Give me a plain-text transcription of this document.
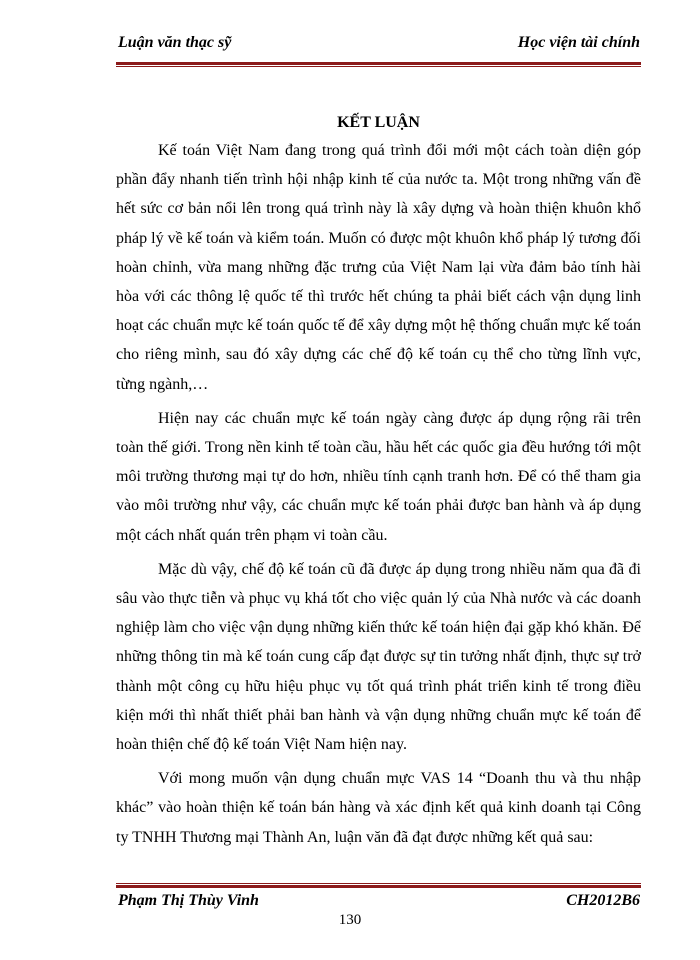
Luận văn thạc sỹ	Học viện tài chính
KẾT LUẬN

Kế toán Việt Nam đang trong quá trình đổi mới một cách toàn diện góp phần đẩy nhanh tiến trình hội nhập kinh tế của nước ta. Một trong những vấn đề hết sức cơ bản nổi lên trong quá trình này là xây dựng và hoàn thiện khuôn khổ pháp lý về kế toán và kiểm toán. Muốn có được một khuôn khổ pháp lý tương đối hoàn chỉnh, vừa mang những đặc trưng của Việt Nam lại vừa đảm bảo tính hài hòa với các thông lệ quốc tế thì trước hết chúng ta phải biết cách vận dụng linh hoạt các chuẩn mực kế toán quốc tế để xây dựng một hệ thống chuẩn mực kế toán cho riêng mình, sau đó xây dựng các chế độ kế toán cụ thể cho từng lĩnh vực, từng ngành,…

Hiện nay các chuẩn mực kế toán ngày càng được áp dụng rộng rãi trên toàn thế giới. Trong nền kinh tế toàn cầu, hầu hết các quốc gia đều hướng tới một môi trường thương mại tự do hơn, nhiều tính cạnh tranh hơn. Để có thể tham gia vào môi trường như vậy, các chuẩn mực kế toán phải được ban hành và áp dụng một cách nhất quán trên phạm vi toàn cầu.

Mặc dù vậy, chế độ kế toán cũ đã được áp dụng trong nhiều năm qua đã đi sâu vào thực tiễn và phục vụ khá tốt cho việc quản lý của Nhà nước và các doanh nghiệp làm cho việc vận dụng những kiến thức kế toán hiện đại gặp khó khăn. Để những thông tin mà kế toán cung cấp đạt được sự tin tưởng nhất định, thực sự trở thành một công cụ hữu hiệu phục vụ tốt quá trình phát triển kinh tế trong điều kiện mới thì nhất thiết phải ban hành và vận dụng những chuẩn mực kế toán để hoàn thiện chế độ kế toán Việt Nam hiện nay.

Với mong muốn vận dụng chuẩn mực VAS 14 “Doanh thu và thu nhập khác” vào hoàn thiện kế toán bán hàng và xác định kết quả kinh doanh tại Công ty TNHH Thương mại Thành An, luận văn đã đạt được những kết quả sau:

Phạm Thị Thùy Vinh	CH2012B6
130
